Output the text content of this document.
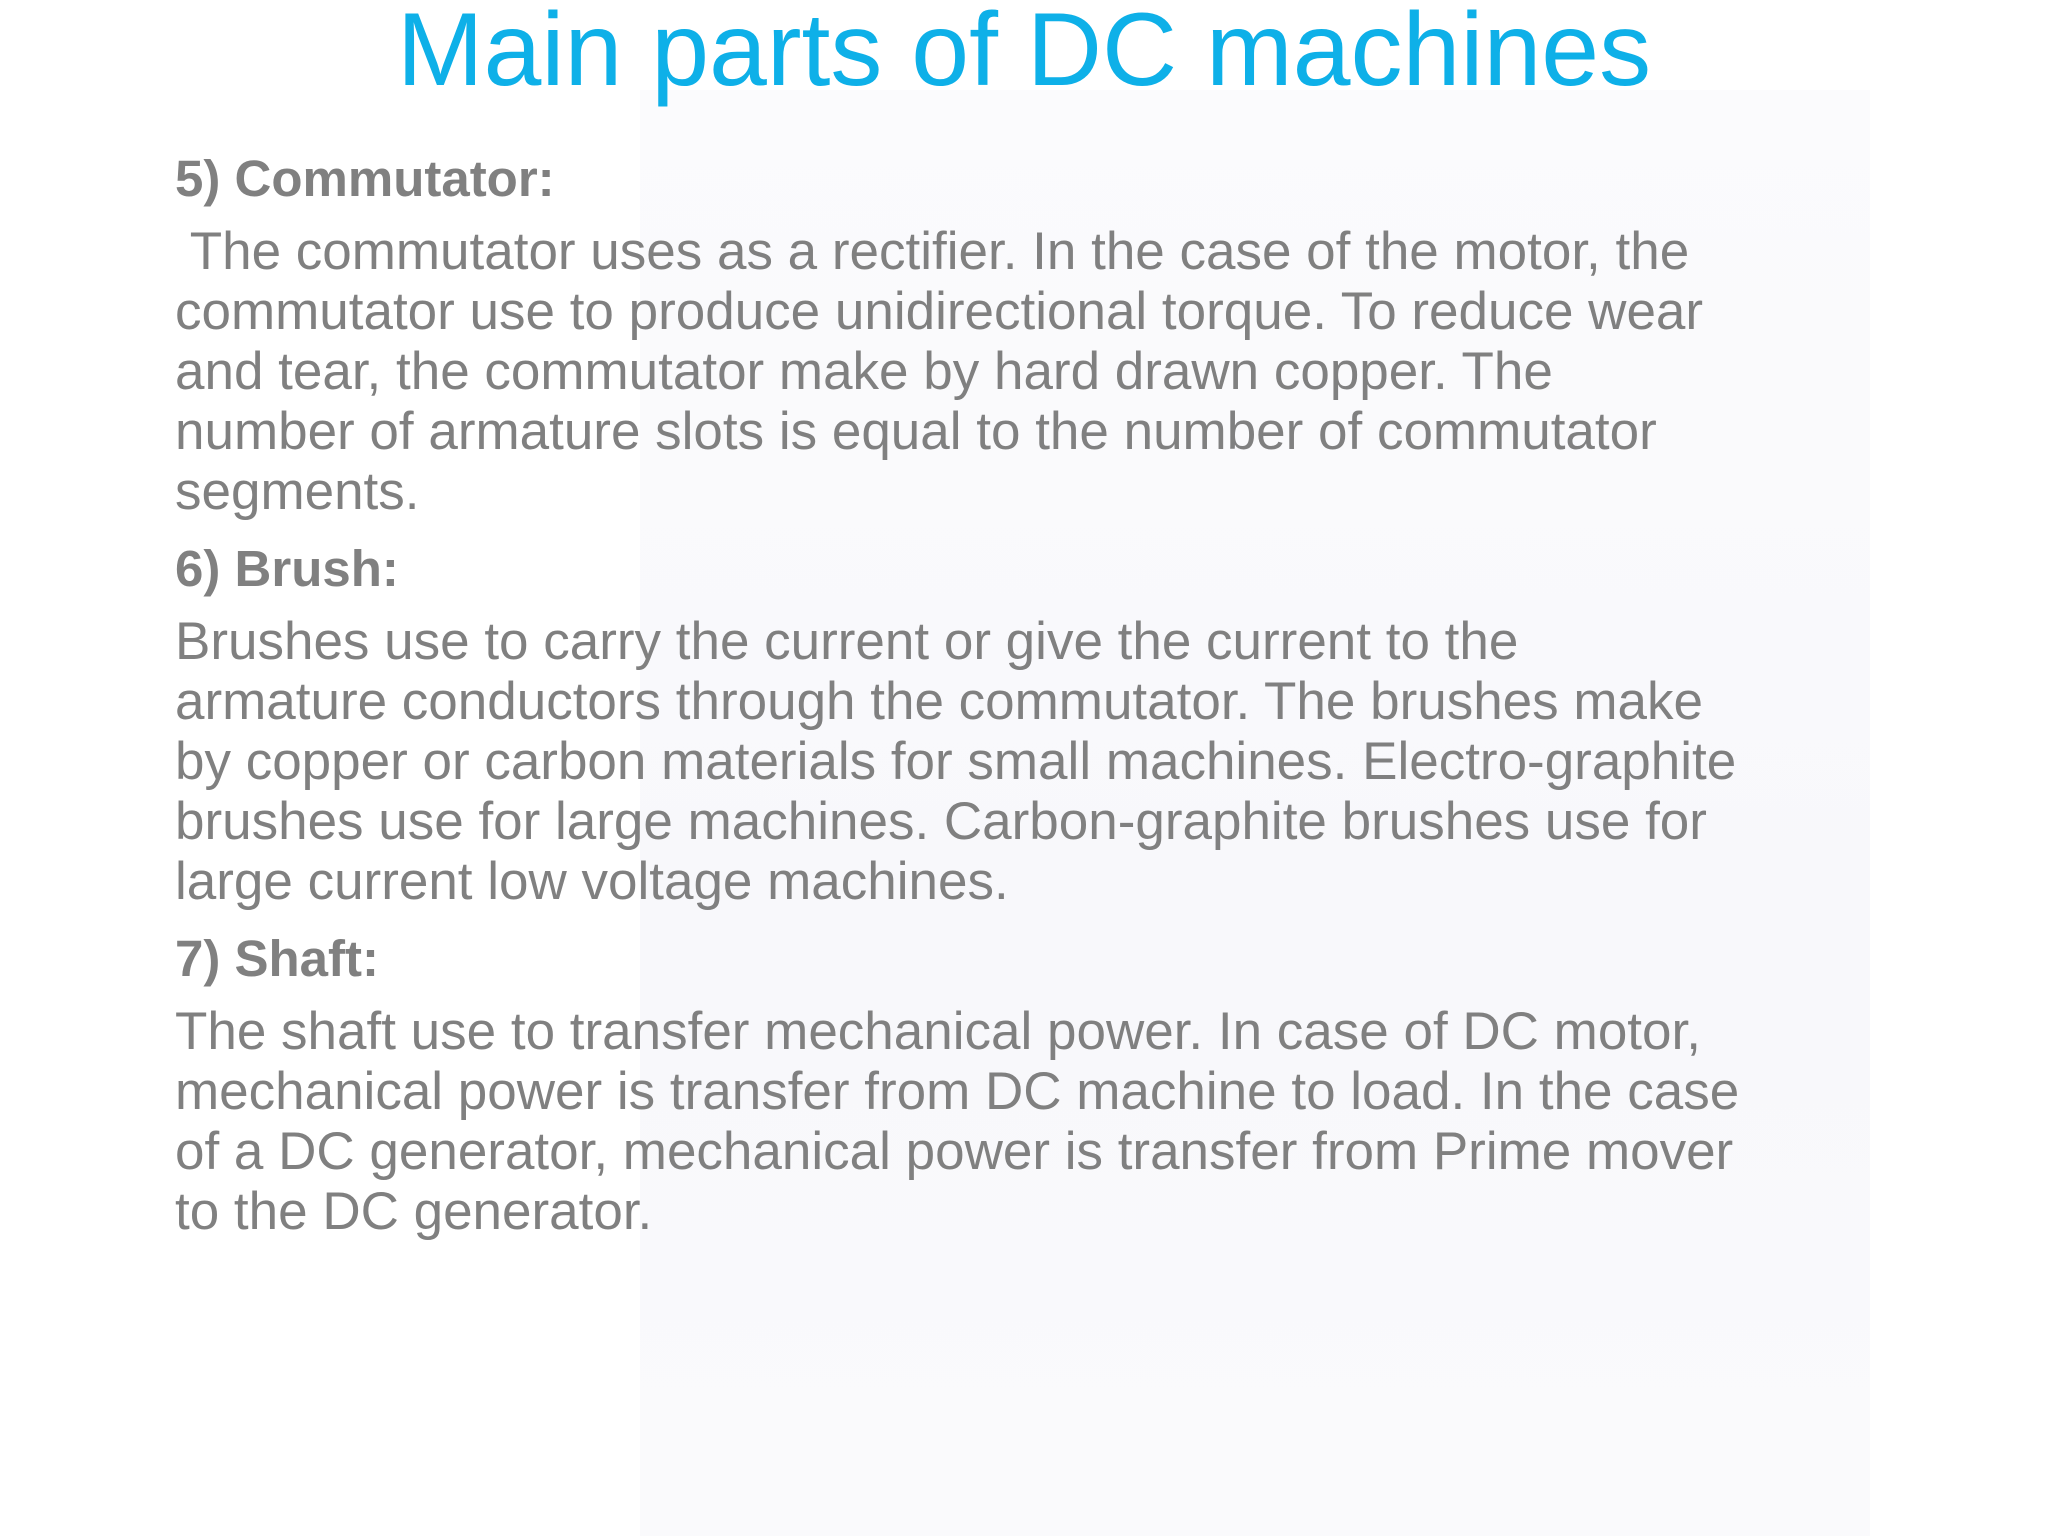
Main parts of DC machines

5) Commutator:

The commutator uses as a rectifier. In the case of the motor, the
commutator use to produce unidirectional torque. To reduce wear
and tear, the commutator make by hard drawn copper. The
number of armature slots is equal to the number of commutator
segments.

6) Brush:

Brushes use to carry the current or give the current to the
armature conductors through the commutator. The brushes make
by copper or carbon materials for small machines. Electro-graphite
brushes use for large machines. Carbon-graphite brushes use for
large current low voltage machines.

7) Shaft:

The shaft use to transfer mechanical power. In case of DC motor,
mechanical power is transfer from DC machine to load. In the case
of a DC generator, mechanical power is transfer from Prime mover
to the DC generator.
